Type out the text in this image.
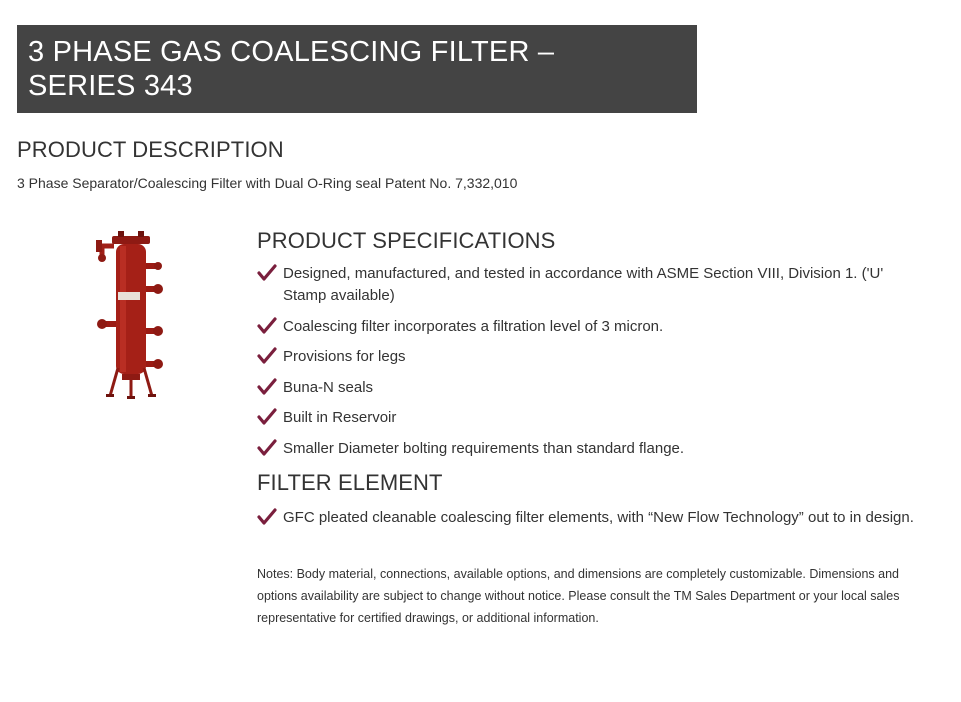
3 PHASE GAS COALESCING FILTER – SERIES 343
PRODUCT DESCRIPTION
3 Phase Separator/Coalescing Filter with Dual O-Ring seal Patent No. 7,332,010
PRODUCT SPECIFICATIONS
Designed, manufactured, and tested in accordance with ASME Section VIII, Division 1. ('U' Stamp available)
Coalescing filter incorporates a filtration level of 3 micron.
Provisions for legs
Buna-N seals
Built in Reservoir
Smaller Diameter bolting requirements than standard flange.
FILTER ELEMENT
GFC pleated cleanable coalescing filter elements, with “New Flow Technology” out to in design.
Notes: Body material, connections, available options, and dimensions are completely customizable. Dimensions and options availability are subject to change without notice. Please consult the TM Sales Department or your local sales representative for certified drawings, or additional information.
